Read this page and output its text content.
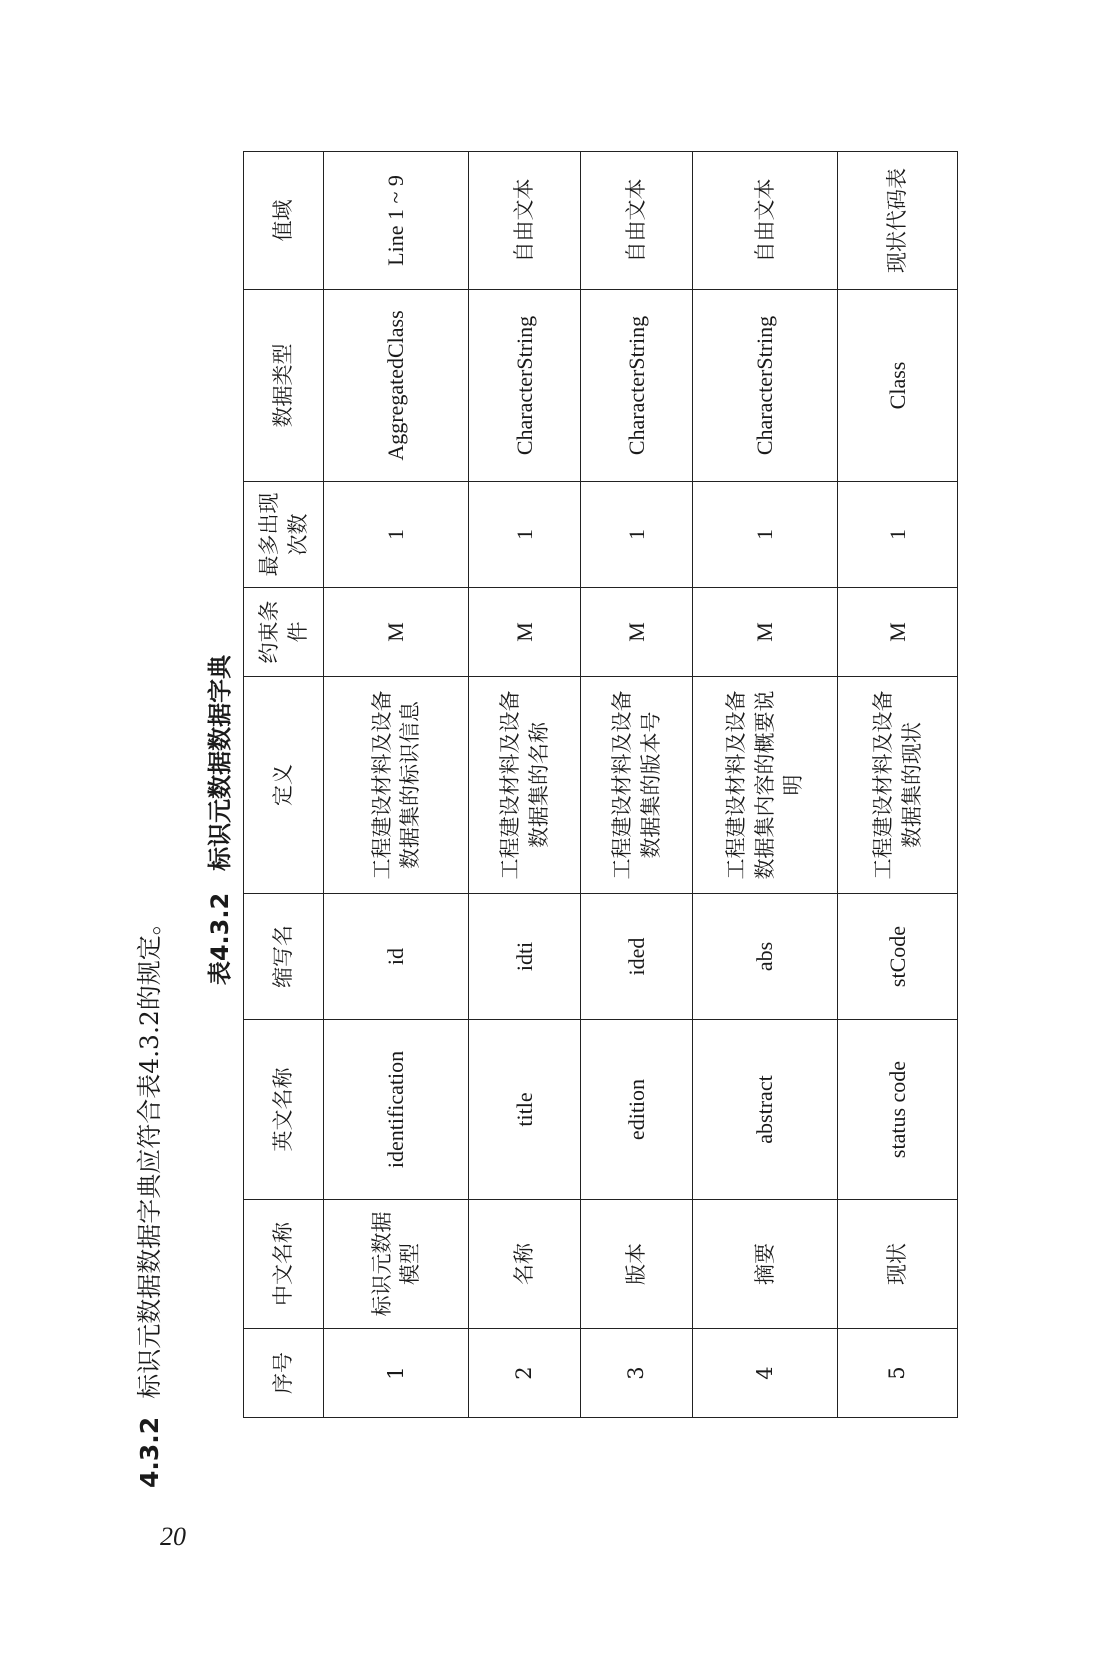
20
4.3.2标识元数据数据字典应符合表4.3.2的规定。 表4.3.2标识元数据数据字典
序号	中文名称	英文名称	缩写名	定义	约束条件	最多出现次数	数据类型	值域
1	标识元数据模型	identification	id	工程建设材料及设备数据集的标识信息	M	1	AggregatedClass	Line 1 ~ 9
2	名称	title	idti	工程建设材料及设备数据集的名称	M	1	CharacterString	自由文本
3	版本	edition	ided	工程建设材料及设备数据集的版本号	M	1	CharacterString	自由文本
4	摘要	abstract	abs	工程建设材料及设备数据集内容的概要说明	M	1	CharacterString	自由文本
5	现状	status code	stCode	工程建设材料及设备数据集的现状	M	1	Class	现状代码表
